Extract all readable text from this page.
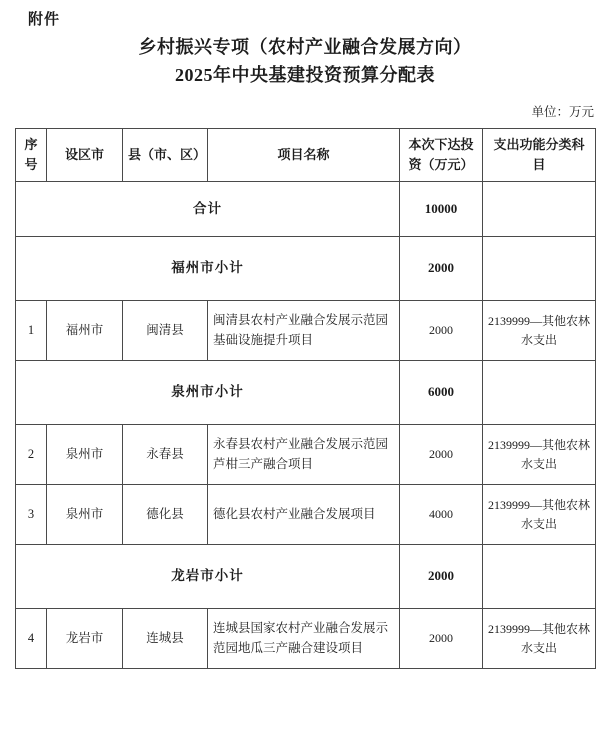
附件
乡村振兴专项（农村产业融合发展方向）
2025年中央基建投资预算分配表
单位：万元
序号	设区市	县（市、区）	项目名称	本次下达投资（万元）	支出功能分类科目
合计				10000	
福州市小计				2000	
1	福州市	闽清县	闽清县农村产业融合发展示范园基础设施提升项目	2000	2139999—其他农林水支出
泉州市小计				6000	
2	泉州市	永春县	永春县农村产业融合发展示范园芦柑三产融合项目	2000	2139999—其他农林水支出
3	泉州市	德化县	德化县农村产业融合发展项目	4000	2139999—其他农林水支出
龙岩市小计				2000	
4	龙岩市	连城县	连城县国家农村产业融合发展示范园地瓜三产融合建设项目	2000	2139999—其他农林水支出
